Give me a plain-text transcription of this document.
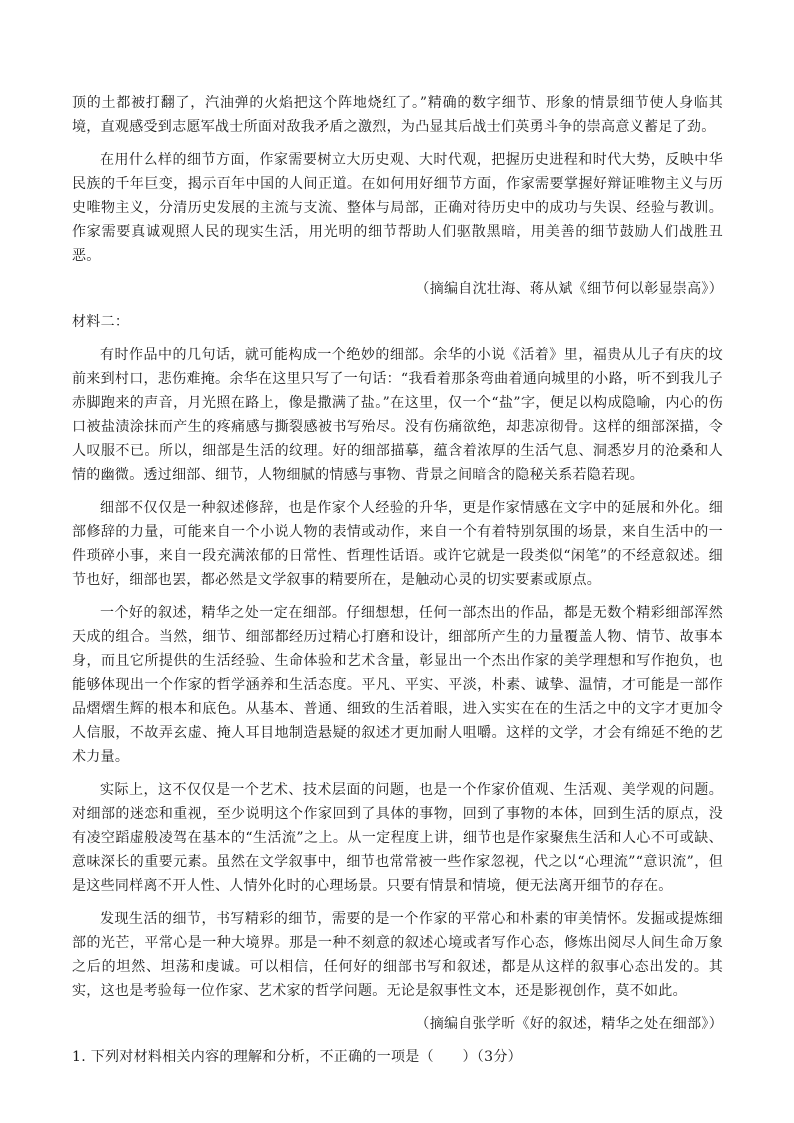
顶的土都被打翻了，汽油弹的火焰把这个阵地烧红了。”精确的数字细节、形象的情景细节使人身临其境，直观感受到志愿军战士所面对敌我矛盾之激烈，为凸显其后战士们英勇斗争的崇高意义蓄足了劲。

在用什么样的细节方面，作家需要树立大历史观、大时代观，把握历史进程和时代大势，反映中华民族的千年巨变，揭示百年中国的人间正道。在如何用好细节方面，作家需要掌握好辩证唯物主义与历史唯物主义，分清历史发展的主流与支流、整体与局部，正确对待历史中的成功与失误、经验与教训。作家需要真诚观照人民的现实生活，用光明的细节帮助人们驱散黑暗，用美善的细节鼓励人们战胜丑恶。

（摘编自沈壮海、蒋从斌《细节何以彰显崇高》）

材料二：

有时作品中的几句话，就可能构成一个绝妙的细部。余华的小说《活着》里，福贵从儿子有庆的坟前来到村口，悲伤难掩。余华在这里只写了一句话：“我看着那条弯曲着通向城里的小路，听不到我儿子赤脚跑来的声音，月光照在路上，像是撒满了盐。”在这里，仅一个“盐”字，便足以构成隐喻，内心的伤口被盐渍涂抹而产生的疼痛感与撕裂感被书写殆尽。没有伤痛欲绝，却悲凉彻骨。这样的细部深描，令人叹服不已。所以，细部是生活的纹理。好的细部描摹，蕴含着浓厚的生活气息、洞悉岁月的沧桑和人情的幽微。透过细部、细节，人物细腻的情感与事物、背景之间暗含的隐秘关系若隐若现。

细部不仅仅是一种叙述修辞，也是作家个人经验的升华，更是作家情感在文字中的延展和外化。细部修辞的力量，可能来自一个小说人物的表情或动作，来自一个有着特别氛围的场景，来自生活中的一件琐碎小事，来自一段充满浓郁的日常性、哲理性话语。或许它就是一段类似“闲笔”的不经意叙述。细节也好，细部也罢，都必然是文学叙事的精要所在，是触动心灵的切实要素或原点。

一个好的叙述，精华之处一定在细部。仔细想想，任何一部杰出的作品，都是无数个精彩细部浑然天成的组合。当然，细节、细部都经历过精心打磨和设计，细部所产生的力量覆盖人物、情节、故事本身，而且它所提供的生活经验、生命体验和艺术含量，彰显出一个杰出作家的美学理想和写作抱负，也能够体现出一个作家的哲学涵养和生活态度。平凡、平实、平淡，朴素、诚挚、温情，才可能是一部作品熠熠生辉的根本和底色。从基本、普通、细致的生活着眼，进入实实在在的生活之中的文字才更加令人信服，不故弄玄虚、掩人耳目地制造悬疑的叙述才更加耐人咀嚼。这样的文学，才会有绵延不绝的艺术力量。

实际上，这不仅仅是一个艺术、技术层面的问题，也是一个作家价值观、生活观、美学观的问题。对细部的迷恋和重视，至少说明这个作家回到了具体的事物，回到了事物的本体，回到生活的原点，没有凌空蹈虚般凌驾在基本的“生活流”之上。从一定程度上讲，细节也是作家聚焦生活和人心不可或缺、意味深长的重要元素。虽然在文学叙事中，细节也常常被一些作家忽视，代之以“心理流”“意识流”，但是这些同样离不开人性、人情外化时的心理场景。只要有情景和情境，便无法离开细节的存在。

发现生活的细节，书写精彩的细节，需要的是一个作家的平常心和朴素的审美情怀。发掘或提炼细部的光芒，平常心是一种大境界。那是一种不刻意的叙述心境或者写作心态，修炼出阅尽人间生命万象之后的坦然、坦荡和虔诚。可以相信，任何好的细部书写和叙述，都是从这样的叙事心态出发的。其实，这也是考验每一位作家、艺术家的哲学问题。无论是叙事性文本，还是影视创作，莫不如此。

（摘编自张学昕《好的叙述，精华之处在细部》）

1. 下列对材料相关内容的理解和分析，不正确的一项是（　　）（3分）
